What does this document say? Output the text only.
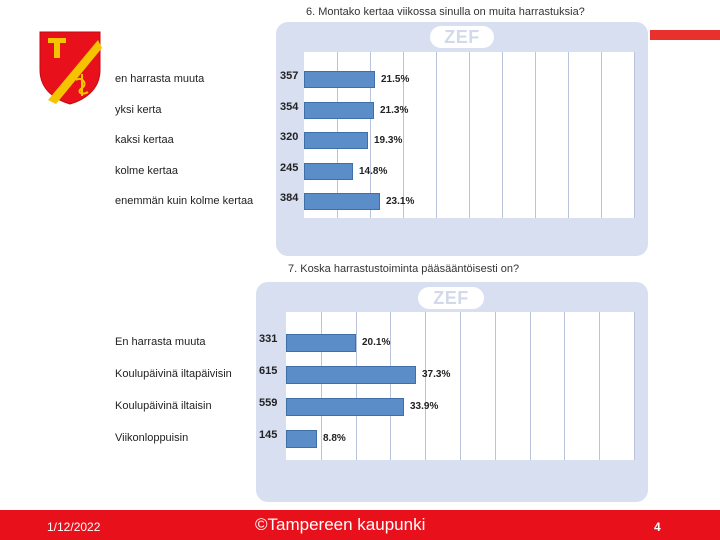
6. Montako kertaa viikossa sinulla on muita harrastuksia?
ZEF
en harrasta muuta	357	21.5%
yksi kerta	354	21.3%
kaksi kertaa	320	19.3%
kolme kertaa	245	14.8%
enemmän kuin kolme kertaa 384	23.1%
7. Koska harrastustoiminta pääsääntöisesti on?
ZEF
En harrasta muuta	331	20.1%
Koulupäivinä iltapäivisin 615	37.3%
Koulupäivinä iltaisin	559	33.9%
Viikonloppuisin	145	8.8%
1/12/2022	©Tampereen kaupunki	4
